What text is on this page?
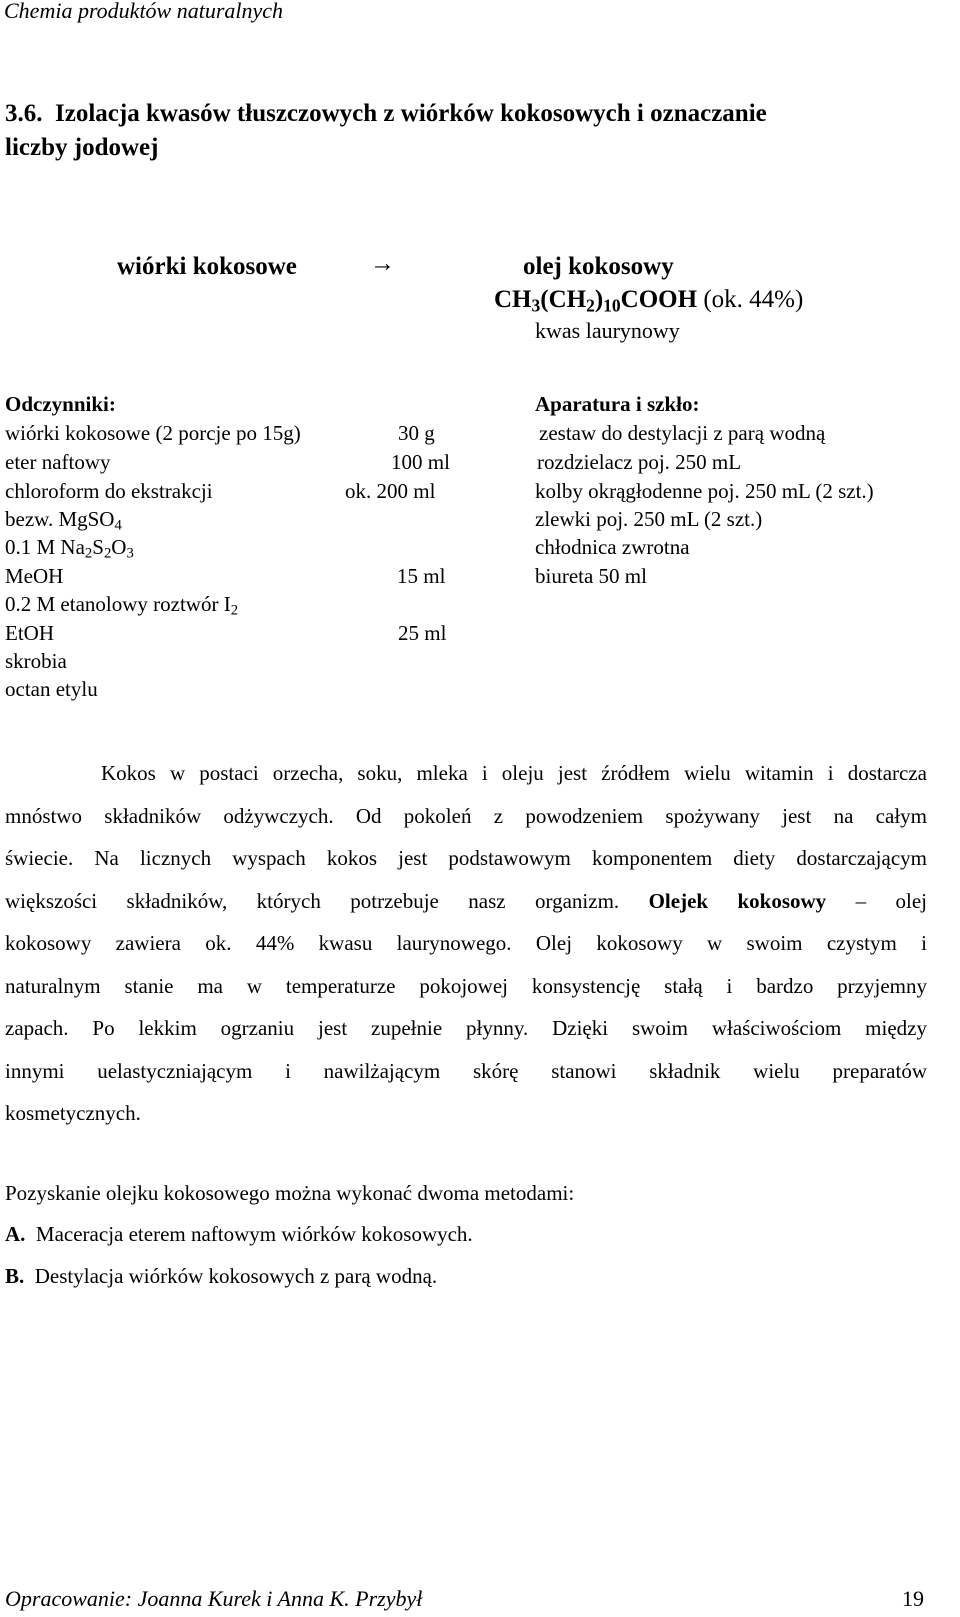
Chemia produktów naturalnych
3.6. Izolacja kwasów tłuszczowych z wiórków kokosowych i oznaczanie
liczby jodowej
wiórki kokosowe	→	olej kokosowy
$CH_3(CH_2)_{10}COOH$ (ok. 44%)
kwas laurynowy
Odczynniki:
wiórki kokosowe (2 porcje po 15g)	30 g
eter naftowy	100 ml
chloroform do ekstrakcji	ok. 200 ml
bezw. MgSO$_4$
0.1 M $Na_2S_2O_3$
MeOH	15 ml
0.2 M etanolowy roztwór $I_2$
EtOH	25 ml
skrobia
octan etylu
Aparatura i szkło:
zestaw do destylacji z parą wodną
rozdzielacz poj. 250 mL
kolby okrągłodenne poj. 250 mL (2 szt.)
zlewki poj. 250 mL (2 szt.)
chłodnica zwrotna
biureta 50 ml
Kokos w postaci orzecha, soku, mleka i oleju jest źródłem wielu witamin i dostarcza
mnóstwo składników odżywczych. Od pokoleń z powodzeniem spożywany jest na całym
świecie. Na licznych wyspach kokos jest podstawowym komponentem diety dostarczającym
większości składników, których potrzebuje nasz organizm. Olejek kokosowy – olej
kokosowy zawiera ok. 44% kwasu laurynowego. Olej kokosowy w swoim czystym i
naturalnym stanie ma w temperaturze pokojowej konsystencję stałą i bardzo przyjemny
zapach. Po lekkim ogrzaniu jest zupełnie płynny. Dzięki swoim właściwościom między
innymi uelastyczniającym i nawilżającym skórę stanowi składnik wielu preparatów
kosmetycznych.
Pozyskanie olejku kokosowego można wykonać dwoma metodami:
A. Maceracja eterem naftowym wiórków kokosowych.
B. Destylacja wiórków kokosowych z parą wodną.
Opracowanie: Joanna Kurek i Anna K. Przybył	19
